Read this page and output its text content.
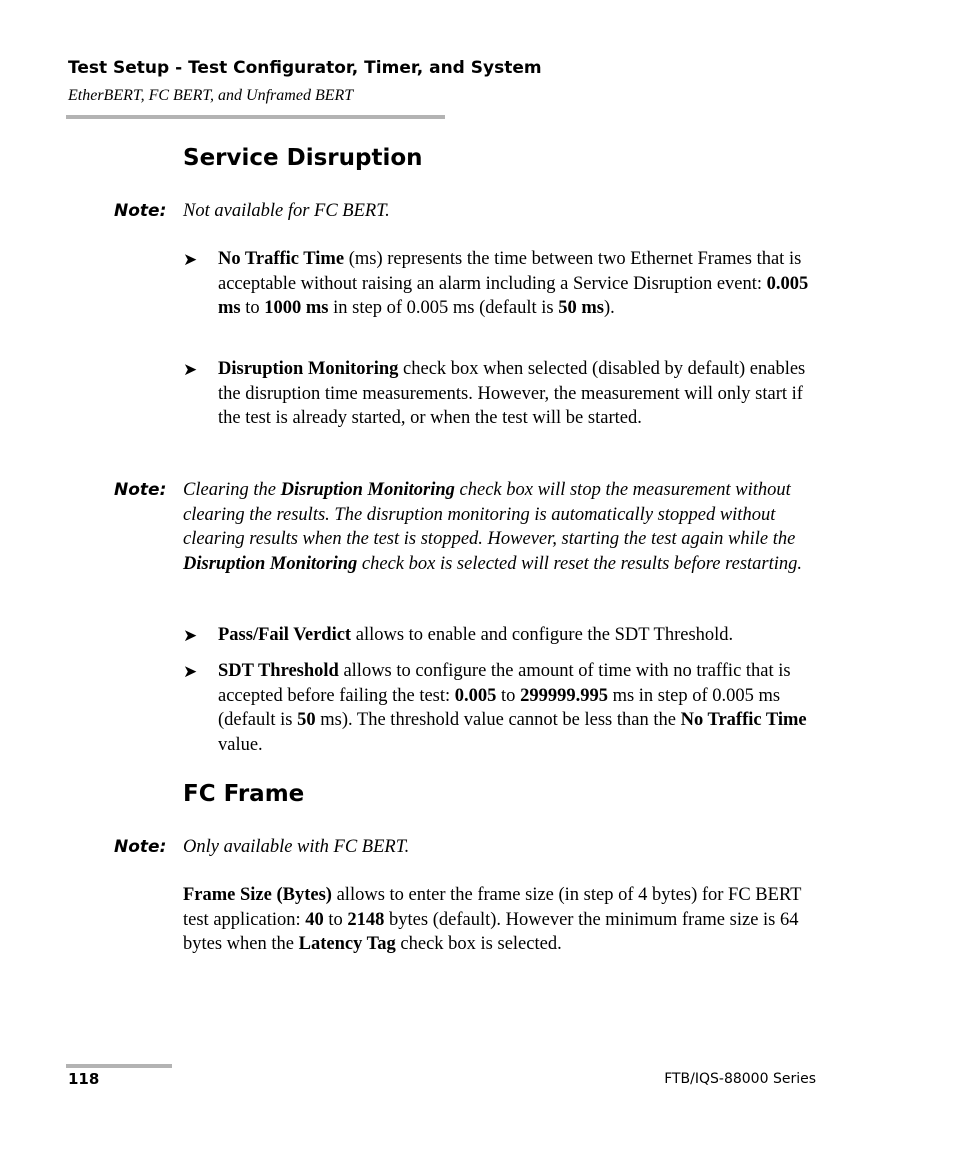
Test Setup - Test Configurator, Timer, and System
EtherBERT, FC BERT, and Unframed BERT
Service Disruption
Note: Not available for FC BERT.
➤ No Traffic Time (ms) represents the time between two Ethernet Frames that is acceptable without raising an alarm including a Service Disruption event: 0.005 ms to 1000 ms in step of 0.005 ms (default is 50 ms).
➤ Disruption Monitoring check box when selected (disabled by default) enables the disruption time measurements. However, the measurement will only start if the test is already started, or when the test will be started.
Note: Clearing the Disruption Monitoring check box will stop the measurement without clearing the results. The disruption monitoring is automatically stopped without clearing results when the test is stopped. However, starting the test again while the Disruption Monitoring check box is selected will reset the results before restarting.
➤ Pass/Fail Verdict allows to enable and configure the SDT Threshold.
➤ SDT Threshold allows to configure the amount of time with no traffic that is accepted before failing the test: 0.005 to 299999.995 ms in step of 0.005 ms (default is 50 ms). The threshold value cannot be less than the No Traffic Time value.
FC Frame
Note: Only available with FC BERT.
Frame Size (Bytes) allows to enter the frame size (in step of 4 bytes) for FC BERT test application: 40 to 2148 bytes (default). However the minimum frame size is 64 bytes when the Latency Tag check box is selected.
118	FTB/IQS-88000 Series
